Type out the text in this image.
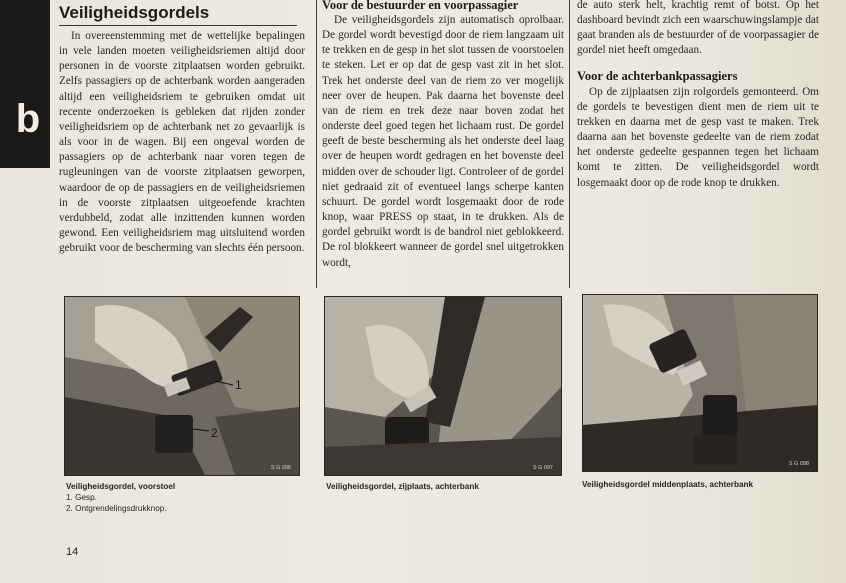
b
Veiligheidsgordels

In overeenstemming met de wettelijke bepalingen in vele landen moeten veiligheidsriemen altijd door personen in de voorste zitplaatsen worden gebruikt. Zelfs passagiers op de achterbank worden aangeraden altijd een veiligheidsriem te gebruiken omdat uit recente onderzoeken is gebleken dat rijden zonder veiligheidsriem op de achterbank net zo gevaarlijk is als voor in de wagen. Bij een ongeval worden de passagiers op de achterbank naar voren tegen de rugleuningen van de voorste zitplaatsen geworpen, waardoor de op de passagiers en de veiligheidsriemen in de voorste zitplaatsen uitgeoefende krachten verdubbeld, zodat alle inzittenden kunnen worden gewond. Een veiligheidsriem mag uitsluitend worden gebruikt voor de bescherming van slechts één persoon.

Voor de bestuurder en voorpassagier

De veiligheidsgordels zijn automatisch oprolbaar. De gordel wordt bevestigd door de riem langzaam uit te trekken en de gesp in het slot tussen de voorstoelen te steken. Let er op dat de gesp vast zit in het slot. Trek het onderste deel van de riem zo ver mogelijk neer over de heupen. Pak daarna het bovenste deel van de riem en trek deze naar boven zodat het onderste deel goed tegen het lichaam rust. De gordel geeft de beste bescherming als het onderste deel laag over de heupen wordt gedragen en het bovenste deel midden over de schouder ligt. Controleer of de gordel niet gedraaid zit of eventueel langs scherpe kanten schuurt. De gordel wordt losgemaakt door de rode knop, waar PRESS op staat, in te drukken. Als de gordel gebruikt wordt is de bandrol niet geblokkeerd. De rol blokkeert wanneer de gordel snel uitgetrokken wordt,

de auto sterk helt, krachtig remt of botst. Op het dashboard bevindt zich een waarschuwingslampje dat gaat branden als de bestuurder of de voorpassagier de gordel niet heeft omgedaan.

Voor de achterbankpassagiers

Op de zijplaatsen zijn rolgordels gemonteerd. Om de gordels te bevestigen dient men de riem uit te trekken en daarna met de gesp vast te maken. Trek daarna aan het bovenste gedeelte van de riem zodat het onderste gedeelte gespannen tegen het lichaam komt te zitten. De veiligheidsgordel wordt losgemaakt door op de rode knop te drukken.

1
2
S G 096
Veiligheidsgordel, voorstoel
1. Gesp.
2. Ontgrendelingsdrukknop.
S G 097
Veiligheidsgordel, zijplaats, achterbank
S G 098
Veiligheidsgordel middenplaats, achterbank
14
